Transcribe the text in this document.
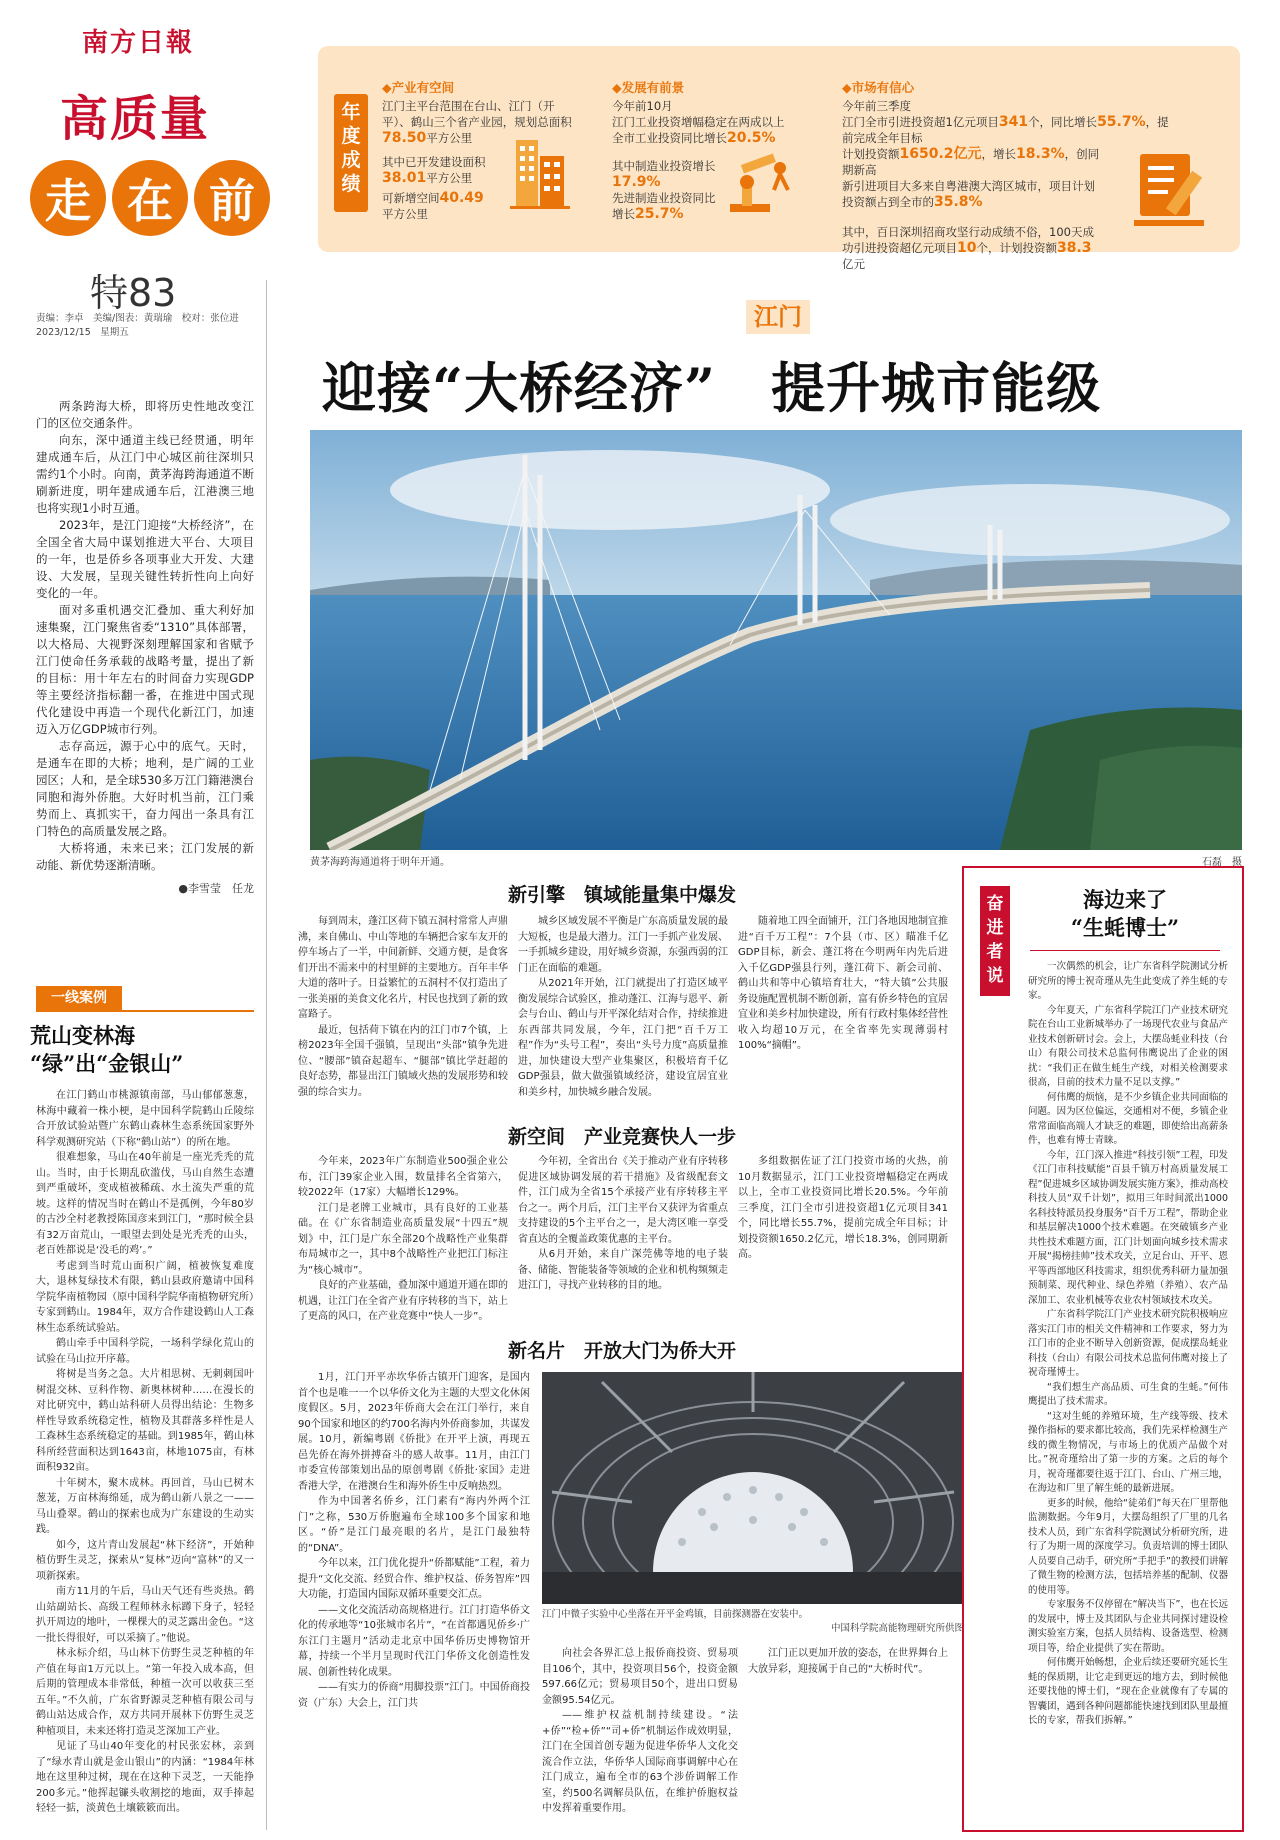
南方日報
高质量
走 在 前
特83
责编：李卓　美编/图表：黄瑞瑜　校对：张位进
2023/12/15　 星期五
年度成绩
◆产业有空间
江门主平台范围在台山、江门（开平）、鹤山三个省产业园，规划总面积78.50平方公里
其中已开发建设面积
38.01平方公里
可新增空间40.49
平方公里
◆发展有前景
今年前10月
江门工业投资增幅稳定在两成以上
全市工业投资同比增长20.5%
其中制造业投资增长
17.9%
先进制造业投资同比增长25.7%
◆市场有信心
今年前三季度
江门全市引进投资超1亿元项目341个，同比增长55.7%，提前完成全年目标
计划投资额1650.2亿元，增长18.3%，创同期新高
新引进项目大多来自粤港澳大湾区城市，项目计划投资额占到全市的35.8%
其中，百日深圳招商攻坚行动成绩不俗，100天成功引进投资超亿元项目10个，计划投资额38.3亿元
江门
迎接“大桥经济”　提升城市能级
黄茅海跨海通道将于明年开通。	石磊　摄

两条跨海大桥，即将历史性地改变江门的区位交通条件。

向东，深中通道主线已经贯通，明年建成通车后，从江门中心城区前往深圳只需约1个小时。向南，黄茅海跨海通道不断刷新进度，明年建成通车后，江港澳三地也将实现1小时互通。

2023年，是江门迎接“大桥经济”，在全国全省大局中谋划推进大平台、大项目的一年，也是侨乡各项事业大开发、大建设、大发展，呈现关键性转折性向上向好变化的一年。

面对多重机遇交汇叠加、重大利好加速集聚，江门聚焦省委“1310”具体部署，以大格局、大视野深刻理解国家和省赋予江门使命任务承载的战略考量，提出了新的目标：用十年左右的时间奋力实现GDP等主要经济指标翻一番，在推进中国式现代化建设中再造一个现代化新江门，加速迈入万亿GDP城市行列。

志存高远，源于心中的底气。天时，是通车在即的大桥；地利，是广阔的工业园区；人和，是全球530多万江门籍港澳台同胞和海外侨胞。大好时机当前，江门乘势而上、真抓实干，奋力闯出一条具有江门特色的高质量发展之路。

大桥将通，未来已来；江门发展的新动能、新优势逐渐清晰。

●李雪莹　任龙
一线案例
荒山变林海
“绿”出“金银山”

在江门鹤山市桃源镇南部，马山郁郁葱葱，林海中藏着一株小梗，是中国科学院鹤山丘陵综合开放试验站暨广东鹤山森林生态系统国家野外科学观测研究站（下称“鹤山站”）的所在地。

很难想象，马山在40年前是一座光秃秃的荒山。当时，由于长期乱砍滥伐，马山自然生态遭到严重破坏，变成植被稀疏、水土流失严重的荒坡。这样的情况当时在鹤山不是孤例，今年80岁的古沙全村老教授陈国彦来到江门，“那时候全县有32万亩荒山，一眼望去到处是光秃秃的山头，老百姓都说是‘没毛的鸡’。”

考虑到当时荒山面积广阔，植被恢复难度大，退林复绿技术有限，鹤山县政府邀请中国科学院华南植物园（原中国科学院华南植物研究所）专家到鹤山。1984年，双方合作建设鹤山人工森林生态系统试验站。

鹤山牵手中国科学院，一场科学绿化荒山的试验在马山拉开序幕。

将树是当务之急。大片相思树、无刺刺国叶树混交林、豆科作物、新奥林树种……在漫长的对比研究中，鹤山站科研人员得出结论：生物多样性导致系统稳定性，植物及其群落多样性是人工森林生态系统稳定的基础。到1985年，鹤山林科所经营面积达到1643亩，林地1075亩，有林面积932亩。

十年树木，聚木成林。再回首，马山已树木葱茏，万亩林海绵延，成为鹤山新八景之一——马山叠翠。鹤山的探索也成为广东建设的生动实践。

如今，这片青山发展起“林下经济”，开始种植仿野生灵芝，探索从“复林”迈向“富林”的又一项新探索。

南方11月的午后，马山天气还有些炎热。鹤山站副站长、高级工程师林永标蹲下身子，轻轻扒开周边的地叶，一棵棵大的灵芝露出金色。“这一批长得很好，可以采摘了。”他说。

林永标介绍，马山林下仿野生灵芝种植的年产值在每亩1万元以上。“第一年投入成本高，但后期的管理成本非常低，种植一次可以收获三至五年。”不久前，广东省野源灵芝种植有限公司与鹤山站达成合作，双方共同开展林下仿野生灵芝种植项目，未来还将打造灵芝深加工产业。

见证了马山40年变化的村民张宏林，亲到了“绿水青山就是金山银山”的内涵：“1984年林地在这里种过树，现在在这种下灵芝，一天能挣200多元。”他挥起镰头收割挖的地面，双手捧起轻轻一掂，淡黄色土壤簌簌而出。

新引擎　镇域能量集中爆发

每到周末，蓬江区荷下镇五洞村常常人声鼎沸，来自佛山、中山等地的车辆把合家车友开的停车场占了一半，中间新鲜、交通方便，是食客们开出不需来中的村里鲜的主要地方。百年丰华大道的落叶子。日益繁忙的五洞村不仅打造出了一张美丽的美食文化名片，村民也找到了新的致富路子。

最近，包括荷下镇在内的江门市7个镇，上榜2023年全国千强镇，呈现出“头部”镇争先进位、“腰部”镇奋起超车、“腿部”镇比学赶超的良好态势，都显出江门镇域火热的发展形势和较强的综合实力。

城乡区域发展不平衡是广东高质量发展的最大短板，也是最大潜力。江门一手抓产业发展、一手抓城乡建设，用好城乡资源，东强西弱的江门正在面临的难题。

从2021年开始，江门就提出了打造区域平衡发展综合试验区，推动蓬江、江海与恩平、新会与台山、鹤山与开平深化结对合作，持续推进东西部共同发展，今年，江门把“百千万工程”作为“头号工程”，奏出“头号力度”高质量推进，加快建设大型产业集聚区，积极培育千亿GDP强县，做大做强镇域经济，建设宜居宜业和美乡村，加快城乡融合发展。

随着地工四全面铺开，江门各地因地制宜推进“百千万工程”：7个县（市、区）瞄准千亿GDP目标，新会、蓬江将在今明两年内先后进入千亿GDP强县行列，蓬江荷下、新会司前、鹤山共和等中心镇培育壮大，“特大镇”公共服务设施配置机制不断创新，富有侨乡特色的宜居宜业和美乡村加快建设，所有行政村集体经营性收入均超10万元，在全省率先实现薄弱村100%“摘帽”。

新空间　产业竞赛快人一步

今年来，2023年广东制造业500强企业公布，江门39家企业入围，数量排名全省第六，较2022年（17家）大幅增长129%。

江门是老牌工业城市，具有良好的工业基础。在《广东省制造业高质量发展“十四五”规划》中，江门是广东全部20个战略性产业集群布局城市之一，其中8个战略性产业把江门标注为“核心城市”。

良好的产业基础，叠加深中通道开通在即的机遇，让江门在全省产业有序转移的当下，站上了更高的风口，在产业竞赛中“快人一步”。

今年初，全省出台《关于推动产业有序转移促进区域协调发展的若干措施》及省级配套文件，江门成为全省15个承接产业有序转移主平台之一。两个月后，江门主平台又获评为省重点支持建设的5个主平台之一，是大湾区唯一享受省直达的全覆盖政策优惠的主平台。

从6月开始，来自广深莞佛等地的电子装备、储能、智能装备等领域的企业和机构频频走进江门，寻找产业转移的目的地。

多组数据佐证了江门投资市场的火热，前10月数据显示，江门工业投资增幅稳定在两成以上，全市工业投资同比增长20.5%。今年前三季度，江门全市引进投资超1亿元项目341个，同比增长55.7%，提前完成全年目标；计划投资额1650.2亿元，增长18.3%，创同期新高。

新名片　开放大门为侨大开

1月，江门开平赤坎华侨古镇开门迎客，是国内首个也是唯一一个以华侨文化为主题的大型文化休闲度假区。5月，2023年侨商大会在江门举行，来自90个国家和地区的约700名海内外侨商参加，共谋发展。10月，新编粤剧《侨批》在开平上演，再现五邑先侨在海外拼搏奋斗的感人故事。11月，由江门市委宣传部策划出品的原创粤剧《侨批·家国》走进香港大学，在港澳台生和海外侨生中反响热烈。

作为中国著名侨乡，江门素有“海内外两个江门”之称，530万侨胞遍布全球100多个国家和地区。“侨”是江门最亮眼的名片，是江门最独特的“DNA”。

今年以来，江门优化提升“侨都赋能”工程，着力提升“文化交流、经贸合作、维护权益、侨务智库”四大功能，打造国内国际双循环重要交汇点。

——文化交流活动高规格进行。江门打造华侨文化的传承地等“10张城市名片”，“在首都遇见侨乡·广东江门主题月”活动走北京中国华侨历史博物馆开幕，持续一个半月呈现时代江门华侨文化创造性发展、创新性转化成果。

——有实力的侨商“用脚投票”江门。中国侨商投资（广东）大会上，江门共

江门中微子实验中心坐落在开平金鸡镇，目前探测器在安装中。
中国科学院高能物理研究所供图

向社会各界汇总上报侨商投资、贸易项目106个，其中，投资项目56个，投资金额597.66亿元；贸易项目50个，进出口贸易金额95.54亿元。

——维护权益机制持续建设。“法+侨”“检+侨”“司+侨”机制运作成效明显，江门在全国首创专题为促进华侨华人文化交流合作立法，华侨华人国际商事调解中心在江门成立，遍布全市的63个涉侨调解工作室，约500名调解员队伍，在维护侨胞权益中发挥着重要作用。

江门正以更加开放的姿态，在世界舞台上大放异彩，迎接属于自己的“大桥时代”。

奋进者说
海边来了
“生蚝博士”

一次偶然的机会，让广东省科学院测试分析研究所的博士祝奇瑾从先生此变成了养生蚝的专家。

今年夏天，广东省科学院江门产业技术研究院在台山工业新城举办了一场现代农业与食品产业技术创新研讨会。会上，大摆岛蚝业科技（台山）有限公司技术总监何伟鹰说出了企业的困扰：“我们正在做生蚝生产线，对相关检测要求很高，目前的技术力量不足以支撑。”

何伟鹰的烦恼，是不少乡镇企业共同面临的问题。因为区位偏远，交通相对不便，乡镇企业常常面临高端人才缺乏的难题，即使给出高薪条件，也难有博士青睐。

今年，江门深入推进“科技引领”工程，印发《江门市科技赋能“百县千镇万村高质量发展工程”促进城乡区域协调发展实施方案》，推动高校科技人员“双千计划”，拟用三年时间派出1000名科技特派员投身服务“百千万工程”，帮助企业和基层解决1000个技术难题。在突破镇乡产业共性技术难题方面，江门计划面向城乡技术需求开展“揭榜挂帅”技术攻关，立足台山、开平、恩平等西部地区科技需求，组织优秀科研力量加强预制菜、现代种业、绿色养殖（养殖）、农产品深加工、农业机械等农业农村领域技术攻关。

广东省科学院江门产业技术研究院积极响应落实江门市的相关文件精神和工作要求，努力为江门市的企业不断导入创新资源，促成摆岛蚝业科技（台山）有限公司技术总监何伟鹰对接上了祝奇瑾博士。

“我们想生产高品质、可生食的生蚝。”何伟鹰提出了技术需求。

“这对生蚝的养殖环境，生产线等级、技术操作指标的要求都比较高，我们先采样检测生产线的微生物情况，与市场上的优质产品做个对比。”祝奇瑾给出了第一步的方案。之后的每个月，祝奇瑾都要往返于江门、台山、广州三地，在海边和厂里了解生蚝的最新进展。

更多的时候，他给“徒弟们”每天在厂里帮他监测数据。今年9月，大摆岛组织了厂里的几名技术人员，到广东省科学院测试分析研究所，进行了为期一周的深度学习。负责培训的博士团队人员要自己动手，研究所“手把手”的教授们讲解了微生物的检测方法，包括培养基的配制、仪器的使用等。

专家服务不仅停留在“解决当下”，也在长远的发展中，博士及其团队与企业共同探讨建设检测实验室方案，包括人员结构、设备选型、检测项目等，给企业提供了实在帮助。

何伟鹰开始畅想，企业后续还要研究延长生蚝的保质期，让它走到更远的地方去，到时候他还要找他的博士们，“现在企业就像有了专属的智囊团，遇到各种问题都能快速找到团队里最擅长的专家，帮我们拆解。”
